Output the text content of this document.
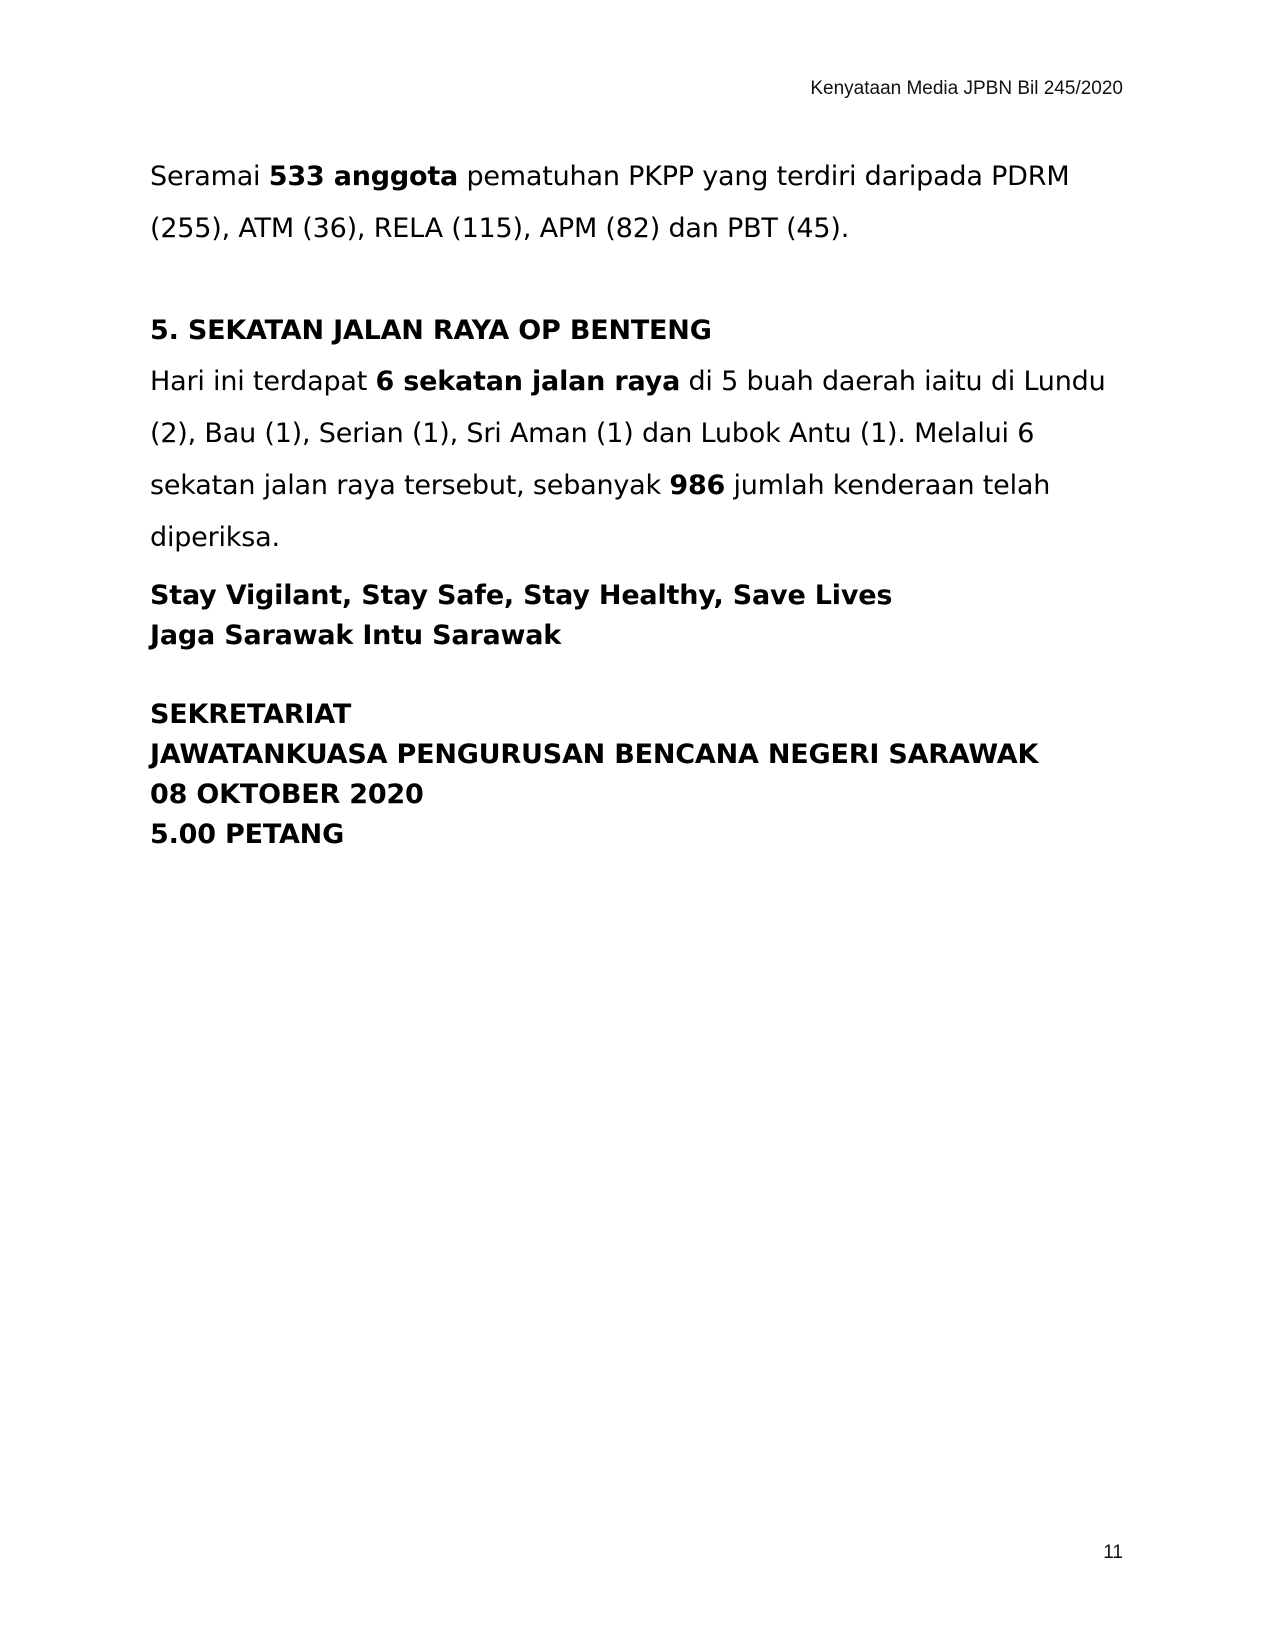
Kenyataan Media JPBN Bil 245/2020
Seramai 533 anggota pematuhan PKPP yang terdiri daripada PDRM (255), ATM (36), RELA (115), APM (82) dan PBT (45).
5. SEKATAN JALAN RAYA OP BENTENG
Hari ini terdapat 6 sekatan jalan raya di 5 buah daerah iaitu di Lundu (2), Bau (1), Serian (1), Sri Aman (1) dan Lubok Antu (1). Melalui 6 sekatan jalan raya tersebut, sebanyak 986 jumlah kenderaan telah diperiksa.
Stay Vigilant, Stay Safe, Stay Healthy, Save Lives
Jaga Sarawak Intu Sarawak
SEKRETARIAT
JAWATANKUASA PENGURUSAN BENCANA NEGERI SARAWAK
08 OKTOBER 2020
5.00 PETANG
11
